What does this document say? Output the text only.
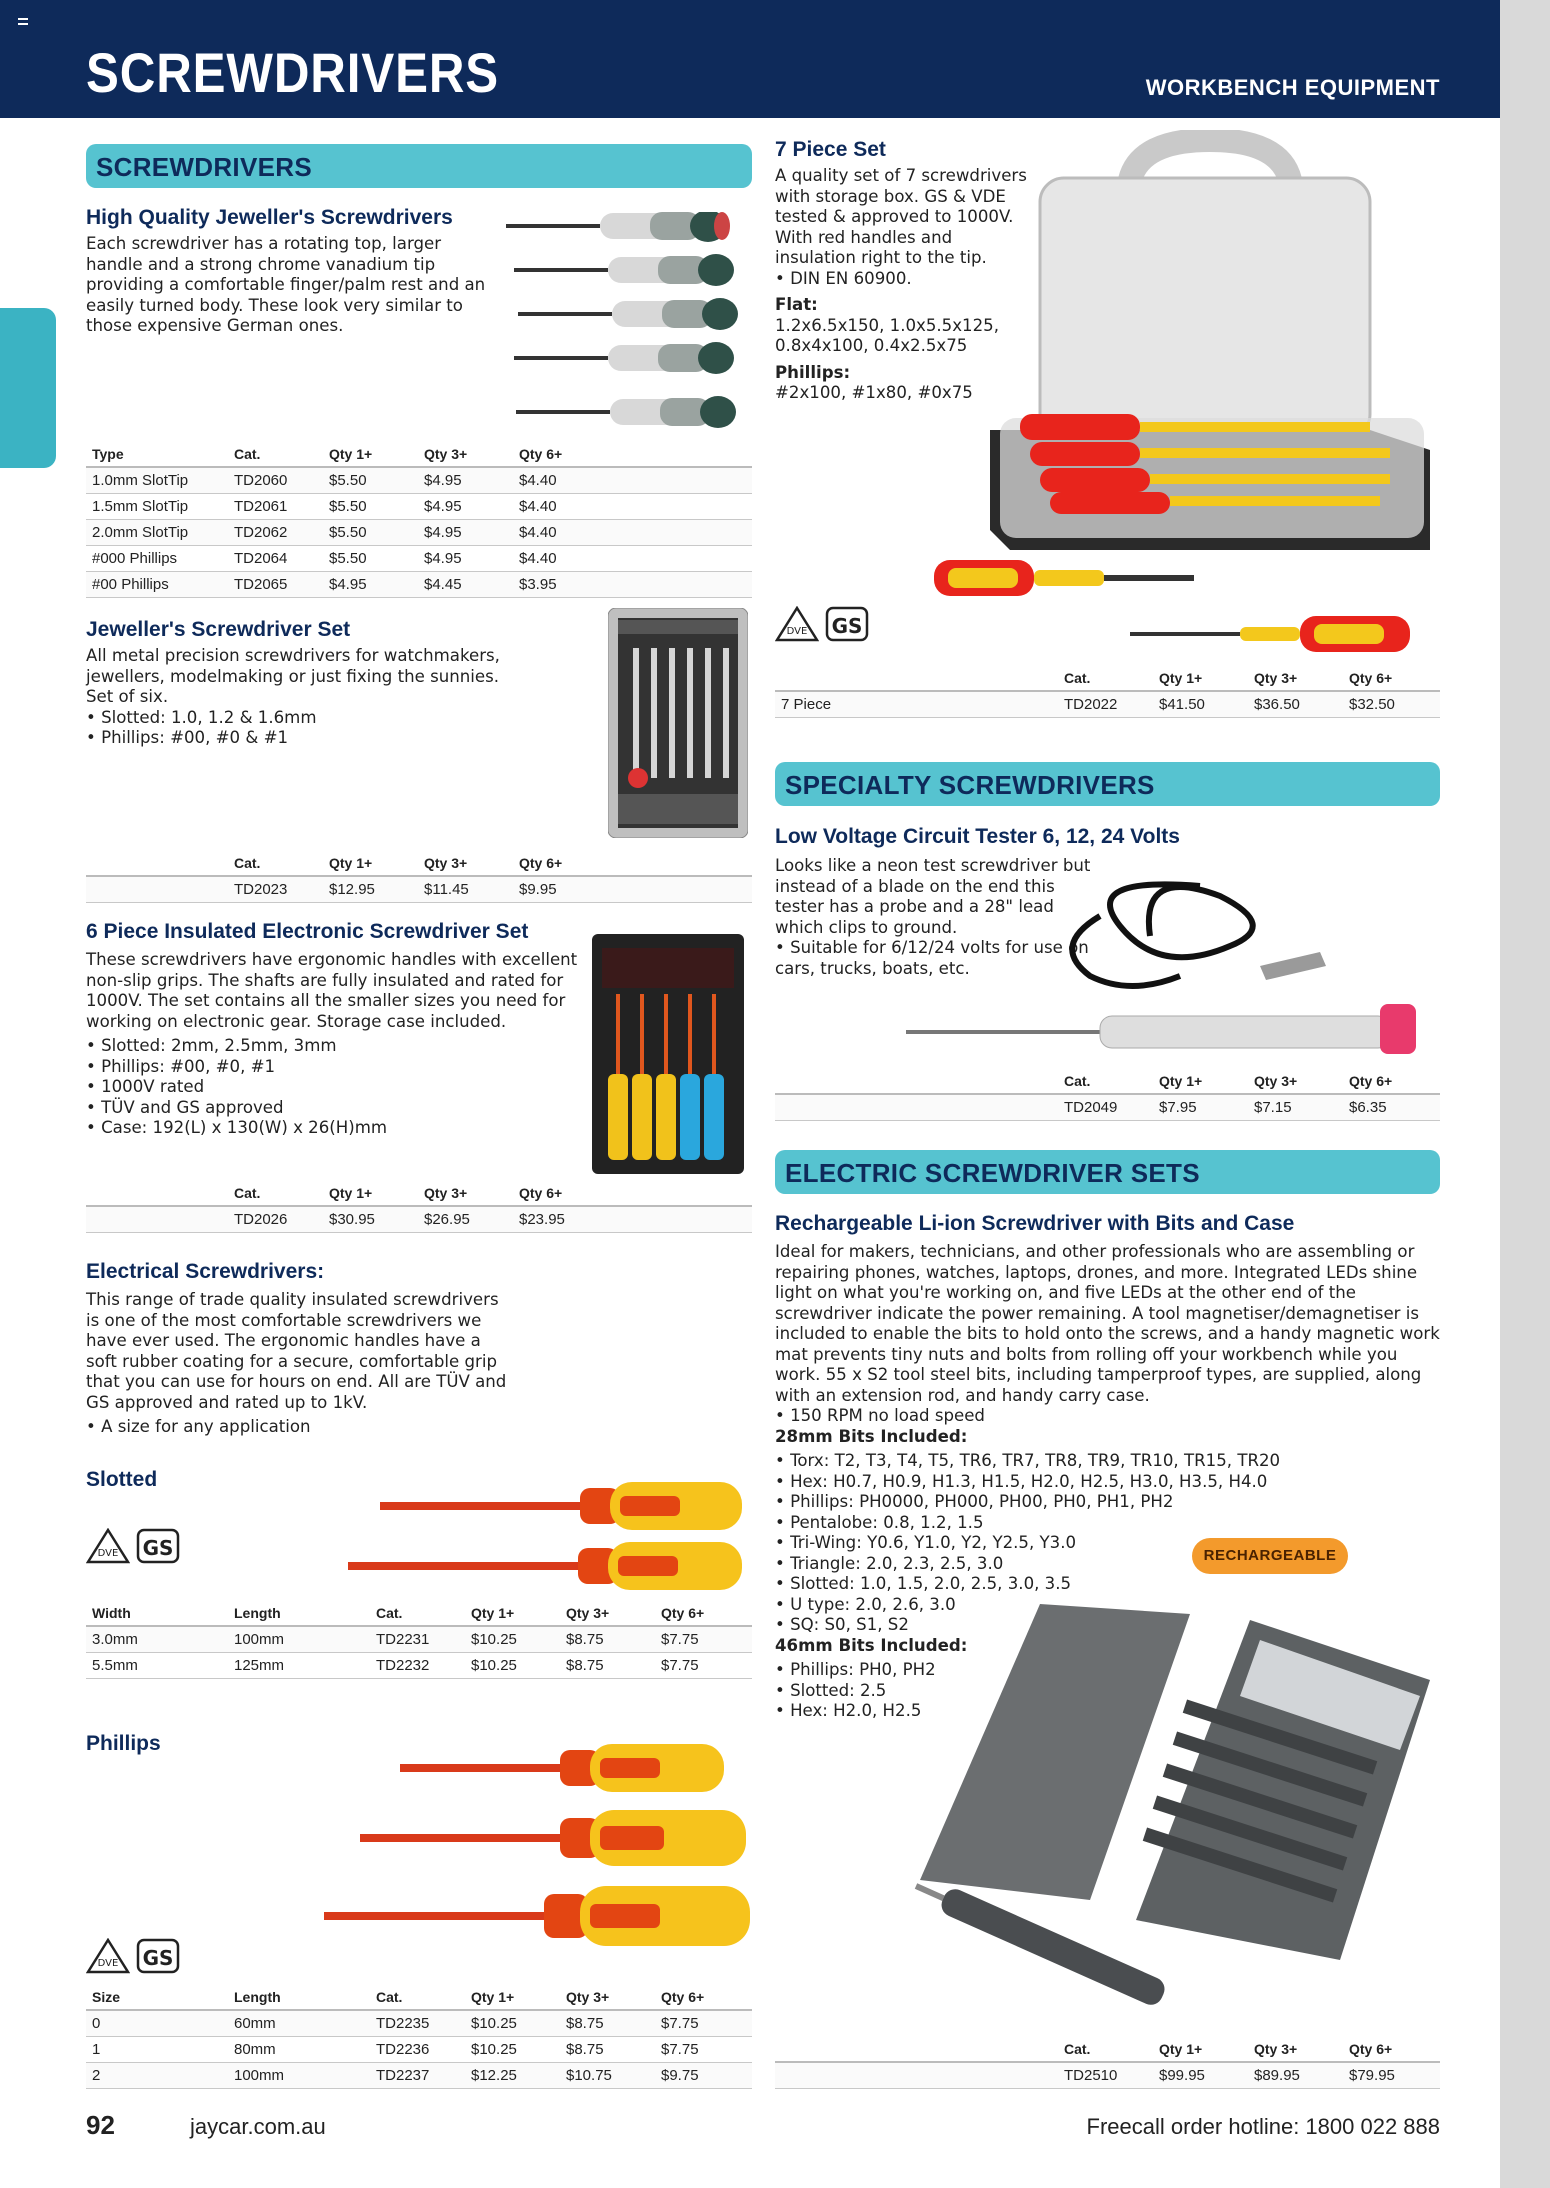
SCREWDRIVERS	WORKBENCH EQUIPMENT
SCREWDRIVERS
High Quality Jeweller's Screwdrivers
Each screwdriver has a rotating top, larger handle and a strong chrome vanadium tip providing a comfortable finger/palm rest and an easily turned body. These look very similar to those expensive German ones.
Type	Cat.	Qty 1+	Qty 3+	Qty 6+
1.0mm SlotTip	TD2060	$5.50	$4.95	$4.40
1.5mm SlotTip	TD2061	$5.50	$4.95	$4.40
2.0mm SlotTip	TD2062	$5.50	$4.95	$4.40
#000 Phillips	TD2064	$5.50	$4.95	$4.40
#00 Phillips	TD2065	$4.95	$4.45	$3.95
Jeweller's Screwdriver Set

All metal precision screwdrivers for watchmakers, jewellers, modelmaking or just fixing the sunnies. Set of six.

• Slotted: 1.0, 1.2 & 1.6mm
• Phillips: #00, #0 & #1
	Cat.	Qty 1+	Qty 3+	Qty 6+
	TD2023	$12.95	$11.45	$9.95
6 Piece Insulated Electronic Screwdriver Set

These screwdrivers have ergonomic handles with excellent non-slip grips. The shafts are fully insulated and rated for 1000V. The set contains all the smaller sizes you need for working on electronic gear. Storage case included.

• Slotted: 2mm, 2.5mm, 3mm
• Phillips: #00, #0, #1
• 1000V rated
• TÜV and GS approved
• Case: 192(L) x 130(W) x 26(H)mm
	Cat.	Qty 1+	Qty 3+	Qty 6+
	TD2026	$30.95	$26.95	$23.95
Electrical Screwdrivers:

This range of trade quality insulated screwdrivers is one of the most comfortable screwdrivers we have ever used. The ergonomic handles have a soft rubber coating for a secure, comfortable grip that you can use for hours on end. All are TÜV and GS approved and rated up to 1kV.

• A size for any application
Slotted
DVE GS
Width	Length	Cat.	Qty 1+	Qty 3+	Qty 6+
3.0mm	100mm	TD2231	$10.25	$8.75	$7.75
5.5mm	125mm	TD2232	$10.25	$8.75	$7.75
Phillips
DVE GS
Size	Length	Cat.	Qty 1+	Qty 3+	Qty 6+
0	60mm	TD2235	$10.25	$8.75	$7.75
1	80mm	TD2236	$10.25	$8.75	$7.75
2	100mm	TD2237	$12.25	$10.75	$9.75
7 Piece Set

A quality set of 7 screwdrivers with storage box. GS & VDE tested & approved to 1000V. With red handles and insulation right to the tip.

• DIN EN 60900.

Flat:

1.2x6.5x150, 1.0x5.5x125, 0.8x4x100, 0.4x2.5x75

Phillips:

#2x100, #1x80, #0x75

DVE GS
	Cat.	Qty 1+	Qty 3+	Qty 6+
7 Piece	TD2022	$41.50	$36.50	$32.50
SPECIALTY SCREWDRIVERS
Low Voltage Circuit Tester 6, 12, 24 Volts

Looks like a neon test screwdriver but instead of a blade on the end this tester has a probe and a 28" lead which clips to ground.

• Suitable for 6/12/24 volts for use on cars, trucks, boats, etc.
	Cat.	Qty 1+	Qty 3+	Qty 6+
	TD2049	$7.95	$7.15	$6.35
ELECTRIC SCREWDRIVER SETS
Rechargeable Li-ion Screwdriver with Bits and Case

Ideal for makers, technicians, and other professionals who are assembling or repairing phones, watches, laptops, drones, and more. Integrated LEDs shine light on what you're working on, and five LEDs at the other end of the screwdriver indicate the power remaining. A tool magnetiser/demagnetiser is included to enable the bits to hold onto the screws, and a handy magnetic work mat prevents tiny nuts and bolts from rolling off your workbench while you work. 55 x S2 tool steel bits, including tamperproof types, are supplied, along with an extension rod, and handy carry case.

• 150 RPM no load speed

28mm Bits Included:

• Torx: T2, T3, T4, T5, TR6, TR7, TR8, TR9, TR10, TR15, TR20
• Hex: H0.7, H0.9, H1.3, H1.5, H2.0, H2.5, H3.0, H3.5, H4.0
• Phillips: PH0000, PH000, PH00, PH0, PH1, PH2
• Pentalobe: 0.8, 1.2, 1.5
• Tri-Wing: Y0.6, Y1.0, Y2, Y2.5, Y3.0
• Triangle: 2.0, 2.3, 2.5, 3.0
• Slotted: 1.0, 1.5, 2.0, 2.5, 3.0, 3.5
• U type: 2.0, 2.6, 3.0
• SQ: S0, S1, S2

46mm Bits Included:

• Phillips: PH0, PH2
• Slotted: 2.5
• Hex: H2.0, H2.5
RECHARGEABLE
	Cat.	Qty 1+	Qty 3+	Qty 6+
	TD2510	$99.95	$89.95	$79.95
92	jaycar.com.au	Freecall order hotline: 1800 022 888
